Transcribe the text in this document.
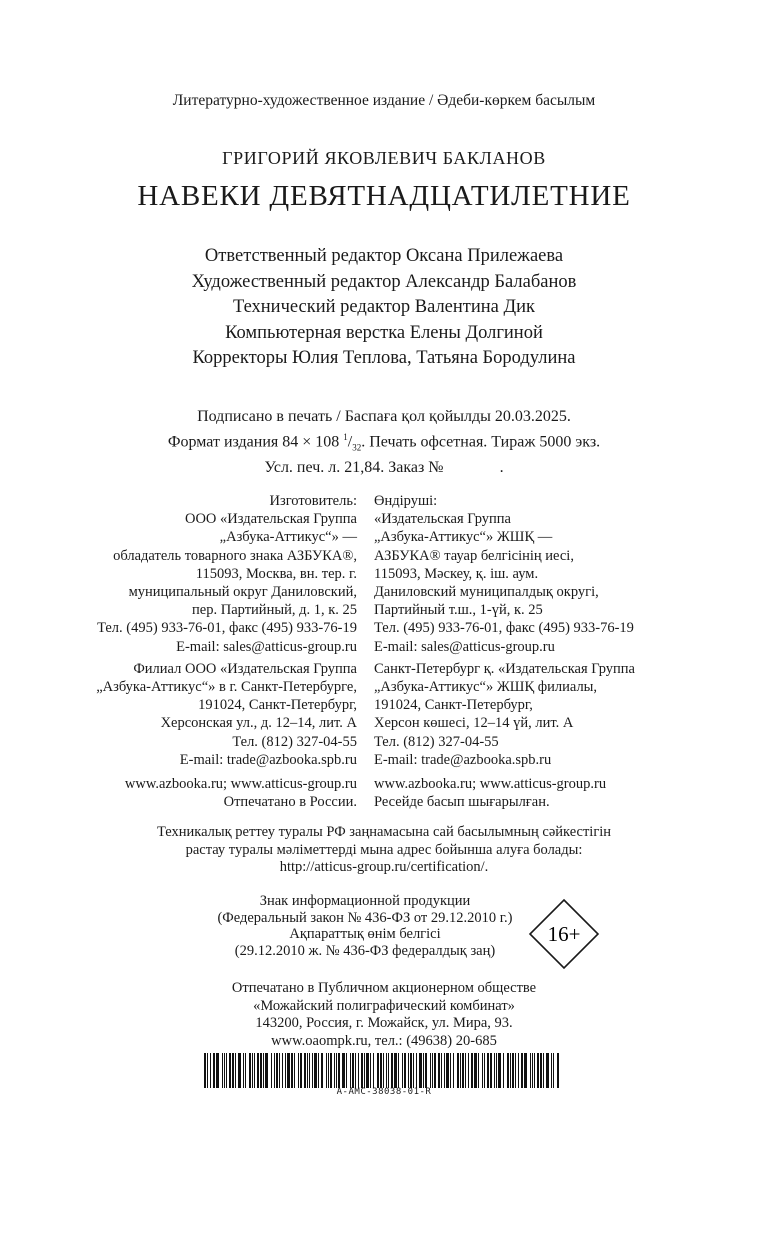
Литературно-художественное издание / Әдеби-көркем басылым
ГРИГОРИЙ ЯКОВЛЕВИЧ БАКЛАНОВ
НАВЕКИ ДЕВЯТНАДЦАТИЛЕТНИЕ
Ответственный редактор Оксана Прилежаева
Художественный редактор Александр Балабанов
Технический редактор Валентина Дик
Компьютерная верстка Елены Долгиной
Корректоры Юлия Теплова, Татьяна Бородулина
Подписано в печать / Баспаға қол қойылды 20.03.2025.
Формат издания 84 × 108 $^1/_{32}$. Печать офсетная. Тираж 5000 экз.
Усл. печ. л. 21,84. Заказ №              .
Изготовитель:
ООО «Издательская Группа
„Азбука-Аттикус“» —
обладатель товарного знака АЗБУКА®,
115093, Москва, вн. тер. г.
муниципальный округ Даниловский,
пер. Партийный, д. 1, к. 25
Тел. (495) 933-76-01, факс (495) 933-76-19
E-mail: sales@atticus-group.ru
Филиал ООО «Издательская Группа
„Азбука-Аттикус“» в г. Санкт-Петербурге,
191024, Санкт-Петербург,
Херсонская ул., д. 12–14, лит. А
Тел. (812) 327-04-55
E-mail: trade@azbooka.spb.ru
www.azbooka.ru; www.atticus-group.ru
Отпечатано в России.
Өндіруші:
«Издательская Группа
„Азбука-Аттикус“» ЖШҚ —
АЗБУКА® тауар белгісінің иесі,
115093, Мәскеу, қ. іш. аум.
Даниловский муниципалдық округі,
Партийный т.ш., 1-үй, к. 25
Тел. (495) 933-76-01, факс (495) 933-76-19
E-mail: sales@atticus-group.ru
Санкт-Петербург қ. «Издательская Группа
„Азбука-Аттикус“» ЖШҚ филиалы,
191024, Санкт-Петербург,
Херсон көшесі, 12–14 үй, лит. А
Тел. (812) 327-04-55
E-mail: trade@azbooka.spb.ru
www.azbooka.ru; www.atticus-group.ru
Ресейде басып шығарылған.
Техникалық реттеу туралы РФ заңнамасына сай басылымның сәйкестігін
растау туралы мәліметтерді мына адрес бойынша алуға болады:
http://atticus-group.ru/certification/.
Знак информационной продукции
(Федеральный закон № 436-ФЗ от 29.12.2010 г.)
Ақпараттық өнім белгісі
(29.12.2010 ж. № 436-ФЗ федералдық заң)
16+
Отпечатано в Публичном акционерном обществе
«Можайский полиграфический комбинат»
143200, Россия, г. Можайск, ул. Мира, 93.
www.oaompk.ru, тел.: (49638) 20-685
A-AMC-38038-01-R
